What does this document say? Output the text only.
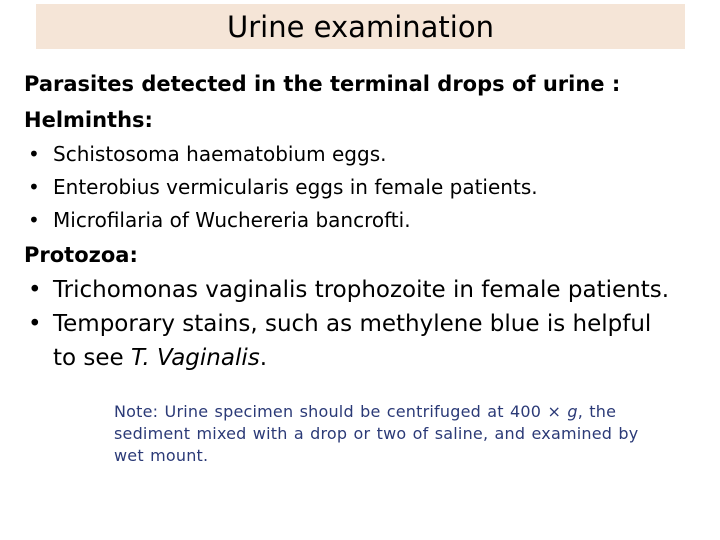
Urine examination

Parasites detected in the terminal drops of urine :

Helminths:

• Schistosoma haematobium eggs.
• Enterobius vermicularis eggs in female patients.
• Microfilaria of Wuchereria bancrofti.

Protozoa:

• Trichomonas vaginalis trophozoite in female patients.
• Temporary stains, such as methylene blue is helpful
to see T. Vaginalis.

Note: Urine specimen should be centrifuged at 400 × g, the

sediment mixed with a drop or two of saline, and examined by

wet mount.
